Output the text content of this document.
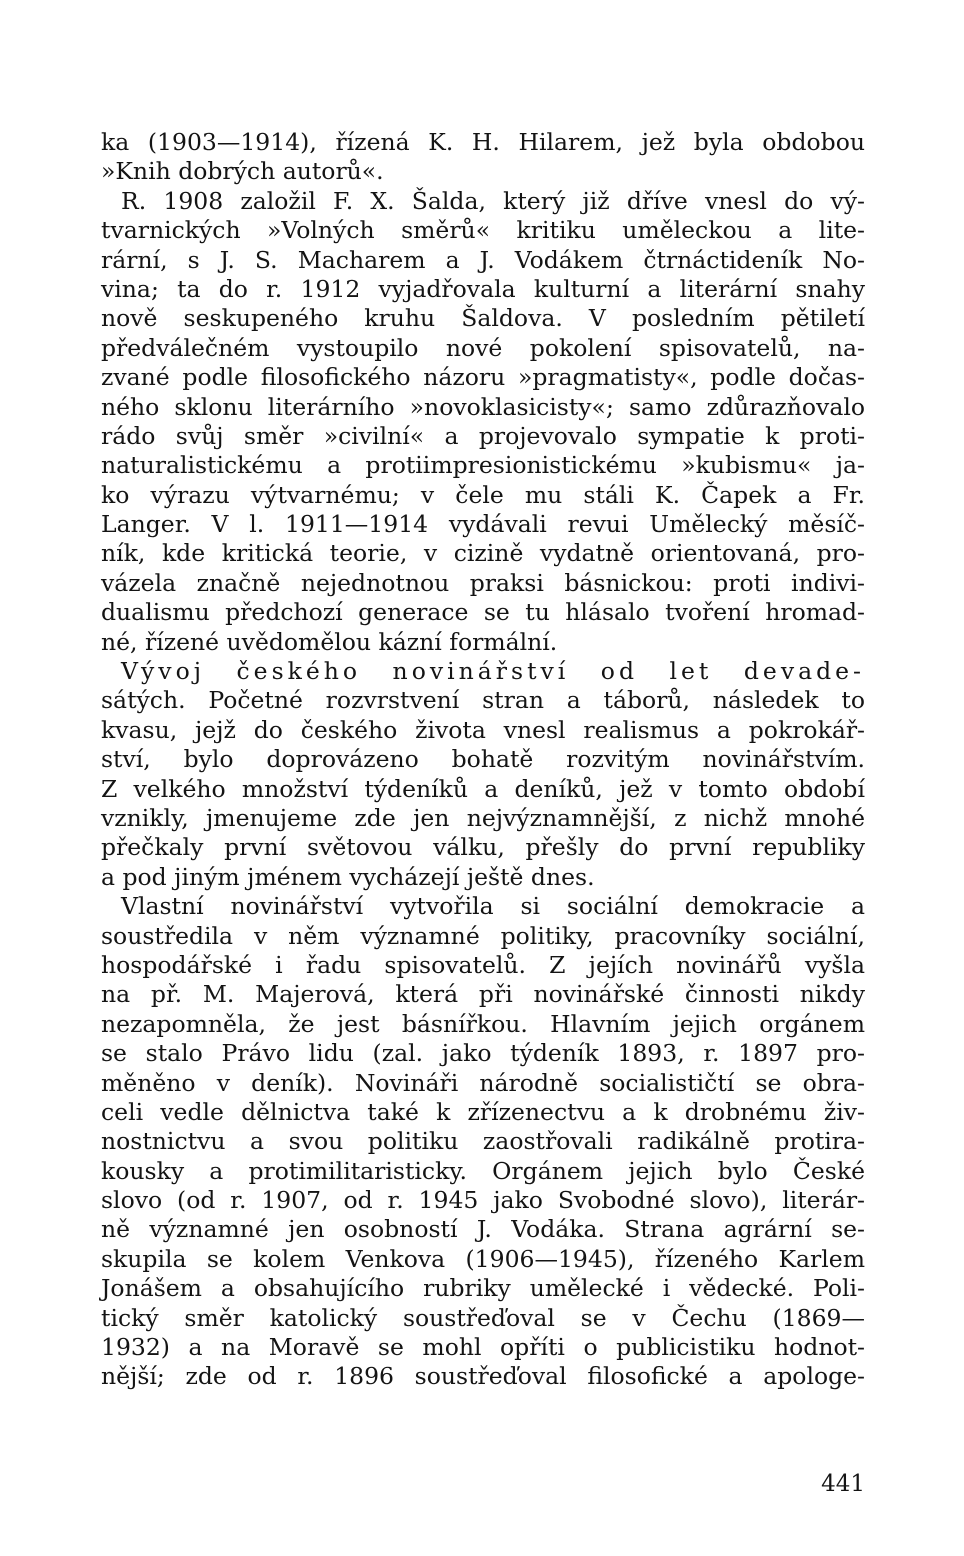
ka (1903—1914), řízená K. H. Hilarem, jež byla obdobou
»Knih dobrých autorů«.
R. 1908 založil F. X. Šalda, který již dříve vnesl do vý-
tvarnických »Volných směrů« kritiku uměleckou a lite-
rární, s J. S. Macharem a J. Vodákem čtrnáctideník No-
vina; ta do r. 1912 vyjadřovala kulturní a literární snahy
nově seskupeného kruhu Šaldova. V posledním pětiletí
předválečném vystoupilo nové pokolení spisovatelů, na-
zvané podle filosofického názoru »pragmatisty«, podle dočas-
ného sklonu literárního »novoklasicisty«; samo zdůrazňovalo
rádo svůj směr »civilní« a projevovalo sympatie k proti-
naturalistickému a protiimpresionistickému »kubismu« ja-
ko výrazu výtvarnému; v čele mu stáli K. Čapek a Fr.
Langer. V l. 1911—1914 vydávali revui Umělecký měsíč-
ník, kde kritická teorie, v cizině vydatně orientovaná, pro-
vázela značně nejednotnou praksi básnickou: proti indivi-
dualismu předchozí generace se tu hlásalo tvoření hromad-
né, řízené uvědomělou kázní formální.
Vývoj českého novinářství od let devade-
sátých. Početné rozvrstvení stran a táborů, následek to
kvasu, jejž do českého života vnesl realismus a pokrokář-
ství, bylo doprovázeno bohatě rozvitým novinářstvím.
Z velkého množství týdeníků a deníků, jež v tomto období
vznikly, jmenujeme zde jen nejvýznamnější, z nichž mnohé
přečkaly první světovou válku, přešly do první republiky
a pod jiným jménem vycházejí ještě dnes.
Vlastní novinářství vytvořila si sociální demokracie a
soustředila v něm významné politiky, pracovníky sociální,
hospodářské i řadu spisovatelů. Z jejích novinářů vyšla
na př. M. Majerová, která při novinářské činnosti nikdy
nezapomněla, že jest básnířkou. Hlavním jejich orgánem
se stalo Právo lidu (zal. jako týdeník 1893, r. 1897 pro-
měněno v deník). Novináři národně socialističtí se obra-
celi vedle dělnictva také k zřízenectvu a k drobnému živ-
nostnictvu a svou politiku zaostřovali radikálně protira-
kousky a protimilitaristicky. Orgánem jejich bylo České
slovo (od r. 1907, od r. 1945 jako Svobodné slovo), literár-
ně významné jen osobností J. Vodáka. Strana agrární se-
skupila se kolem Venkova (1906—1945), řízeného Karlem
Jonášem a obsahujícího rubriky umělecké i vědecké. Poli-
tický směr katolický soustřeďoval se v Čechu (1869—
1932) a na Moravě se mohl opříti o publicistiku hodnot-
nější; zde od r. 1896 soustřeďoval filosofické a apologe-
441
